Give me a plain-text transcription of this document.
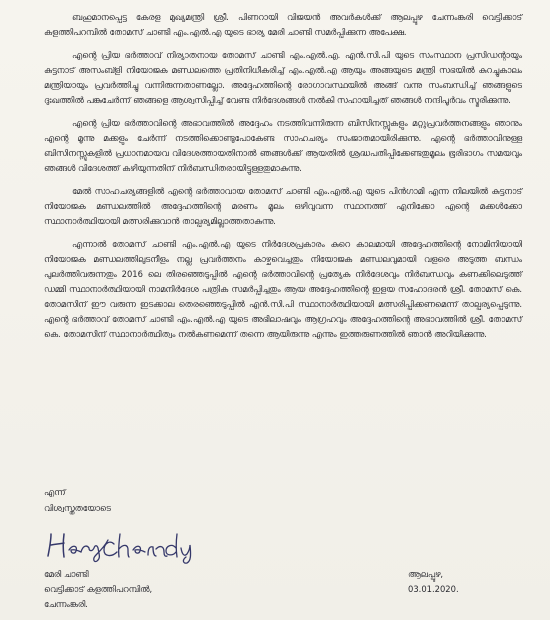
ബഹുമാനപ്പെട്ട കേരള മുഖ്യമന്ത്രി ശ്രീ. പിണറായി വിജയൻ അവർകൾക്ക് ആലപ്പുഴ ചേന്നംങ്കരി വെട്ടിക്കാട് കളത്തിപറമ്പിൽ തോമസ് ചാണ്ടി എം.എൽ.എ യുടെ ഭാര്യ മേരി ചാണ്ടി സമർപ്പിക്കുന്ന അപേക്ഷ.

എന്റെ പ്രിയ ഭർത്താവ് നിര്യാതനായ തോമസ് ചാണ്ടി എം.എൽ.എ. എൻ.സി.പി യുടെ സംസ്ഥാന പ്രസിഡന്റായും കുട്ടനാട് അസംബ്ളി നിയോജക മണ്ഡലത്തെ പ്രതിനിധീകരിച്ച് എം.എൽ.എ ആയും അങ്ങയുടെ മന്ത്രി സഭയിൽ കുറച്ചുകാലം മന്ത്രിയായും പ്രവർത്തിച്ചു വന്നിരുന്നതാണല്ലോ. അദ്ദേഹത്തിന്റെ രോഗാവസ്ഥയിൽ അങ്ങ് വന്നു സംബന്ധിച്ച് ഞങ്ങളുടെ ദുഃഖത്തിൽ പങ്കുചേർന്ന് ഞങ്ങളെ ആശ്വസിപ്പിച്ച് വേണ്ട നിർദേശങ്ങൾ നൽകി സഹായിച്ചത് ഞങ്ങൾ നന്ദിപൂർവം സ്മരിക്കുന്നു.

എന്റെ പ്രിയ ഭർത്താവിന്റെ അഭാവത്തിൽ അദ്ദേഹം നടത്തിവന്നിരുന്ന ബിസിനസ്സുകളും മറ്റുപ്രവർത്തനങ്ങളും ഞാനും എന്റെ മൂന്നു മക്കളും ചേർന്ന് നടത്തിക്കൊണ്ടുപോകേണ്ട സാഹചര്യം സംജാതമായിരിക്കുന്നു. എന്റെ ഭർത്താവിനുള്ള ബിസിനസ്സുകളിൽ പ്രധാനമായവ വിദേശത്തായതിനാൽ ഞങ്ങൾക്ക് ആയതിൽ ശ്രദ്ധപതിപ്പിക്കേണ്ടതുമൂലം ഭൂരിഭാഗം സമയവും ഞങ്ങൾ വിദേശത്ത് കഴിയുന്നതിന് നിർബന്ധിതരായിട്ടുള്ളതുമാകുന്നു.

മേൽ സാഹചര്യങ്ങളിൽ എന്റെ ഭർത്താവായ തോമസ് ചാണ്ടി എം.എൽ.എ യുടെ പിൻഗാമി എന്ന നിലയിൽ കുട്ടനാട് നിയോജക മണ്ഡലത്തിൽ അദ്ദേഹത്തിന്റെ മരണം മൂലം ഒഴിവുവന്ന സ്ഥാനത്ത് എനിക്കോ എന്റെ മക്കൾക്കോ സ്ഥാനാർത്ഥിയായി മത്സരിക്കുവാൻ താല്പര്യമില്ലാത്തതാകുന്നു.

എന്നാൽ തോമസ് ചാണ്ടി എം.എൽ.എ യുടെ നിർദേശപ്രകാരം കുറെ കാലമായി അദ്ദേഹത്തിന്റെ നോമിനിയായി നിയോജക മണ്ഡലത്തിലുടനീളം നല്ല പ്രവർത്തനം കാഴ്ചവെച്ചതും നിയോജക മണ്ഡലവുമായി വളരെ അടുത്ത ബന്ധം പുലർത്തിവരുന്നതും 2016 ലെ തിരഞ്ഞെടുപ്പിൽ എന്റെ ഭർത്താവിന്റെ പ്രത്യേക നിർദേശവും നിർബന്ധവും കണക്കിലെടുത്ത് ഡമ്മി സ്ഥാനാർത്ഥിയായി നാമനിർദേശ പത്രിക സമർപ്പിച്ചതും ആയ അദ്ദേഹത്തിന്റെ ഇളയ സഹോദരൻ ശ്രീ. തോമസ് കെ. തോമസിന് ഈ വരുന്ന ഇടക്കാല തെരഞ്ഞെടുപ്പിൽ എൻ.സി.പി സ്ഥാനാർത്ഥിയായി മത്സരിപ്പിക്കണമെന്ന് താല്പര്യപ്പെടുന്നു. എന്റെ ഭർത്താവ് തോമസ് ചാണ്ടി എം.എൽ.എ യുടെ അഭിലാഷവും ആഗ്രഹവും അദ്ദേഹത്തിന്റെ അഭാവത്തിൽ ശ്രീ. തോമസ് കെ. തോമസിന് സ്ഥാനാർത്ഥിത്വം നൽകണമെന്ന് തന്നെ ആയിരുന്നു എന്നും ഇത്തരുണത്തിൽ ഞാൻ അറിയിക്കുന്നു.

എന്ന്
വിശ്വസ്തതയോടെ
മേരി ചാണ്ടി
വെട്ടിക്കാട് കളത്തിപറമ്പിൽ,
ചേന്നംങ്കരി.
ആലപ്പുഴ,
03.01.2020.
